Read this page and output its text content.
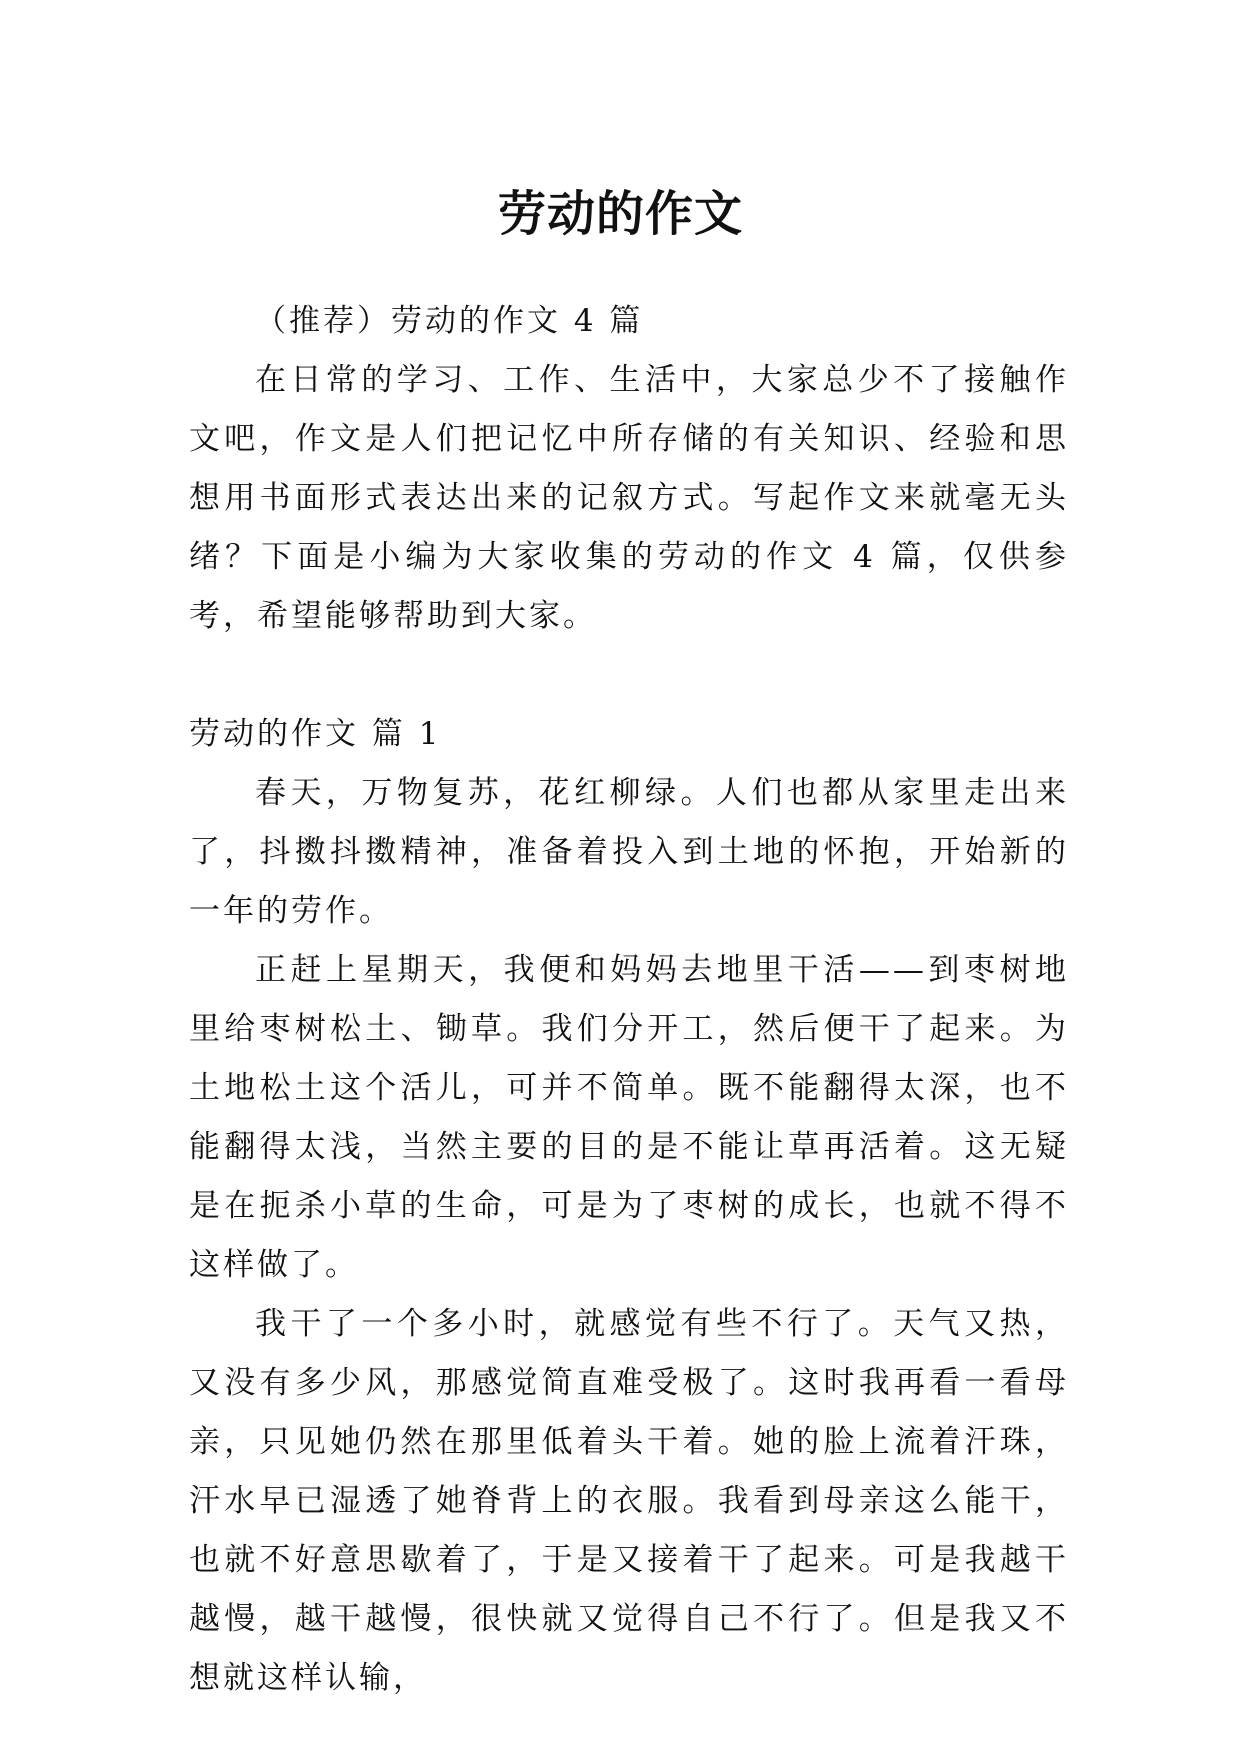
劳动的作文

（推荐）劳动的作文 4 篇

在日常的学习、工作、生活中，大家总少不了接触作文吧，作文是人们把记忆中所存储的有关知识、经验和思想用书面形式表达出来的记叙方式。写起作文来就毫无头绪？下面是小编为大家收集的劳动的作文 4 篇，仅供参考，希望能够帮助到大家。

劳动的作文 篇 1

春天，万物复苏，花红柳绿。人们也都从家里走出来了，抖擞抖擞精神，准备着投入到土地的怀抱，开始新的一年的劳作。

正赶上星期天，我便和妈妈去地里干活——到枣树地里给枣树松土、锄草。我们分开工，然后便干了起来。为土地松土这个活儿，可并不简单。既不能翻得太深，也不能翻得太浅，当然主要的目的是不能让草再活着。这无疑是在扼杀小草的生命，可是为了枣树的成长，也就不得不这样做了。

我干了一个多小时，就感觉有些不行了。天气又热，又没有多少风，那感觉简直难受极了。这时我再看一看母亲，只见她仍然在那里低着头干着。她的脸上流着汗珠，汗水早已湿透了她脊背上的衣服。我看到母亲这么能干，也就不好意思歇着了，于是又接着干了起来。可是我越干越慢，越干越慢，很快就又觉得自己不行了。但是我又不想就这样认输，
